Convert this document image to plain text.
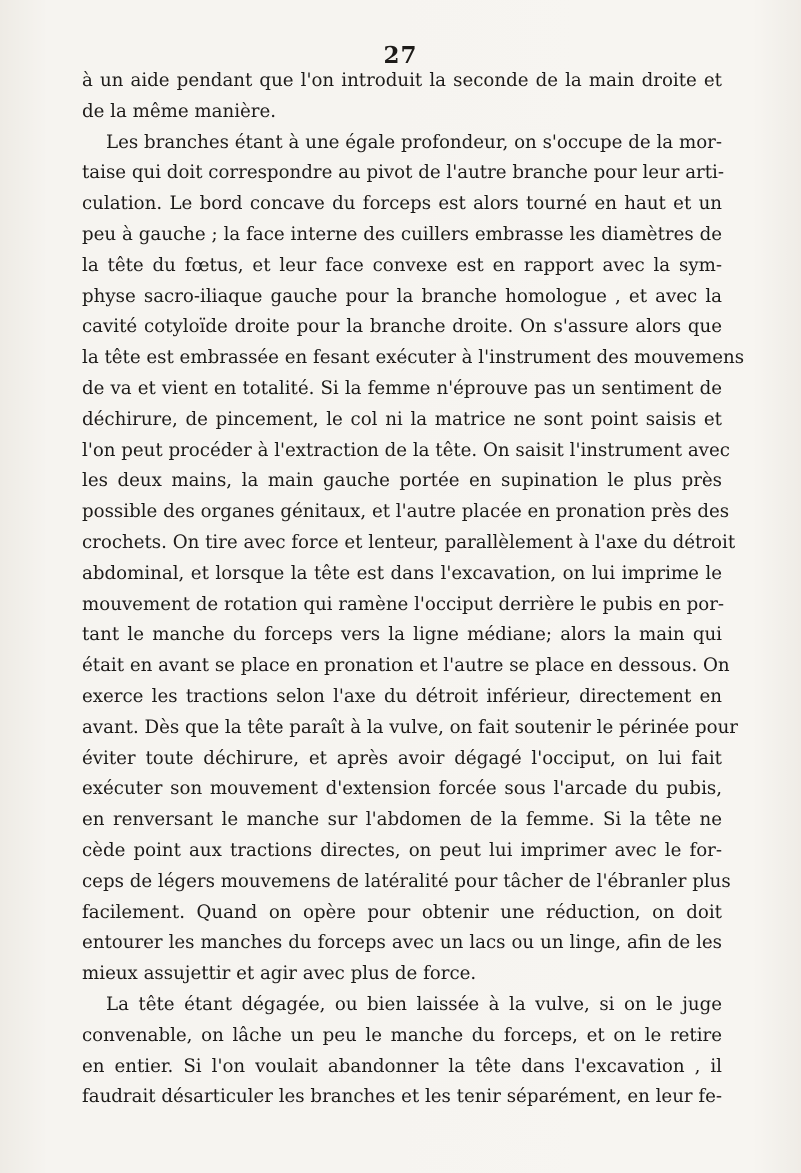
27
à un aide pendant que l'on introduit la seconde de la main droite et
de la même manière.
Les branches étant à une égale profondeur, on s'occupe de la mor-
taise qui doit correspondre au pivot de l'autre branche pour leur arti-
culation. Le bord concave du forceps est alors tourné en haut et un
peu à gauche ; la face interne des cuillers embrasse les diamètres de
la tête du fœtus, et leur face convexe est en rapport avec la sym-
physe sacro-iliaque gauche pour la branche homologue , et avec la
cavité cotyloïde droite pour la branche droite. On s'assure alors que
la tête est embrassée en fesant exécuter à l'instrument des mouvemens
de va et vient en totalité. Si la femme n'éprouve pas un sentiment de
déchirure, de pincement, le col ni la matrice ne sont point saisis et
l'on peut procéder à l'extraction de la tête. On saisit l'instrument avec
les deux mains, la main gauche portée en supination le plus près
possible des organes génitaux, et l'autre placée en pronation près des
crochets. On tire avec force et lenteur, parallèlement à l'axe du détroit
abdominal, et lorsque la tête est dans l'excavation, on lui imprime le
mouvement de rotation qui ramène l'occiput derrière le pubis en por-
tant le manche du forceps vers la ligne médiane; alors la main qui
était en avant se place en pronation et l'autre se place en dessous. On
exerce les tractions selon l'axe du détroit inférieur, directement en
avant. Dès que la tête paraît à la vulve, on fait soutenir le périnée pour
éviter toute déchirure, et après avoir dégagé l'occiput, on lui fait
exécuter son mouvement d'extension forcée sous l'arcade du pubis,
en renversant le manche sur l'abdomen de la femme. Si la tête ne
cède point aux tractions directes, on peut lui imprimer avec le for-
ceps de légers mouvemens de latéralité pour tâcher de l'ébranler plus
facilement. Quand on opère pour obtenir une réduction, on doit
entourer les manches du forceps avec un lacs ou un linge, afin de les
mieux assujettir et agir avec plus de force.
La tête étant dégagée, ou bien laissée à la vulve, si on le juge
convenable, on lâche un peu le manche du forceps, et on le retire
en entier. Si l'on voulait abandonner la tête dans l'excavation , il
faudrait désarticuler les branches et les tenir séparément, en leur fe-
